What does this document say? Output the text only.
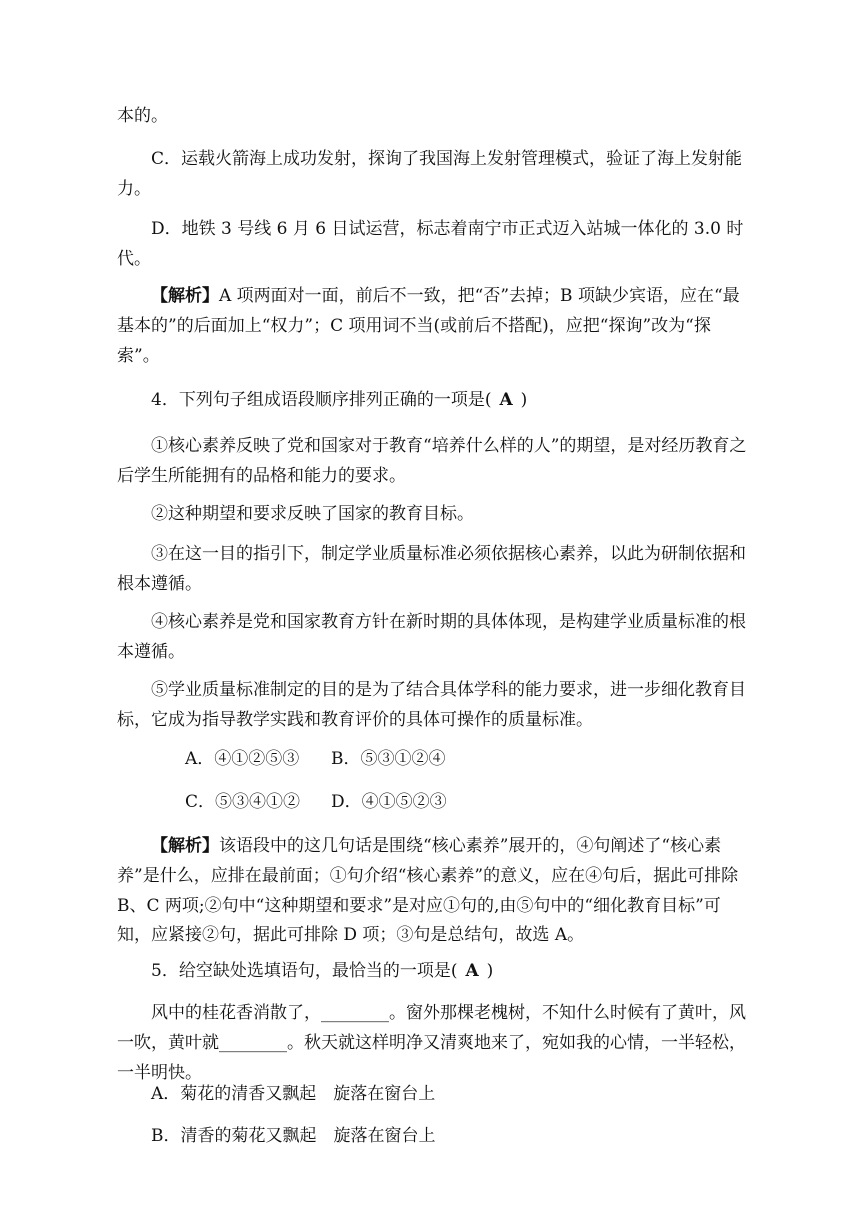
本的。

C．运载火箭海上成功发射，探询了我国海上发射管理模式，验证了海上发射能力。

D．地铁 3 号线 6 月 6 日试运营，标志着南宁市正式迈入站城一体化的 3.0 时代。

【解析】A 项两面对一面，前后不一致，把“否”去掉；B 项缺少宾语，应在“最基本的”的后面加上“权力”；C 项用词不当(或前后不搭配)，应把“探询”改为“探索”。

4．下列句子组成语段顺序排列正确的一项是( A )

①核心素养反映了党和国家对于教育“培养什么样的人”的期望，是对经历教育之后学生所能拥有的品格和能力的要求。

②这种期望和要求反映了国家的教育目标。

③在这一目的指引下，制定学业质量标准必须依据核心素养，以此为研制依据和根本遵循。

④核心素养是党和国家教育方针在新时期的具体体现，是构建学业质量标准的根本遵循。

⑤学业质量标准制定的目的是为了结合具体学科的能力要求，进一步细化教育目标，它成为指导教学实践和教育评价的具体可操作的质量标准。

A．④①②⑤③ B．⑤③①②④

C．⑤③④①② D．④①⑤②③

【解析】该语段中的这几句话是围绕“核心素养”展开的，④句阐述了“核心素养”是什么，应排在最前面；①句介绍“核心素养”的意义，应在④句后，据此可排除 B、C 两项;②句中“这种期望和要求”是对应①句的,由⑤句中的“细化教育目标”可知，应紧接②句，据此可排除 D 项；③句是总结句，故选 A。

5．给空缺处选填语句，最恰当的一项是( A )

风中的桂花香消散了，________。窗外那棵老槐树，不知什么时候有了黄叶，风一吹，黄叶就________。秋天就这样明净又清爽地来了，宛如我的心情，一半轻松，一半明快。

A．菊花的清香又飘起　旋落在窗台上

B．清香的菊花又飘起　旋落在窗台上
